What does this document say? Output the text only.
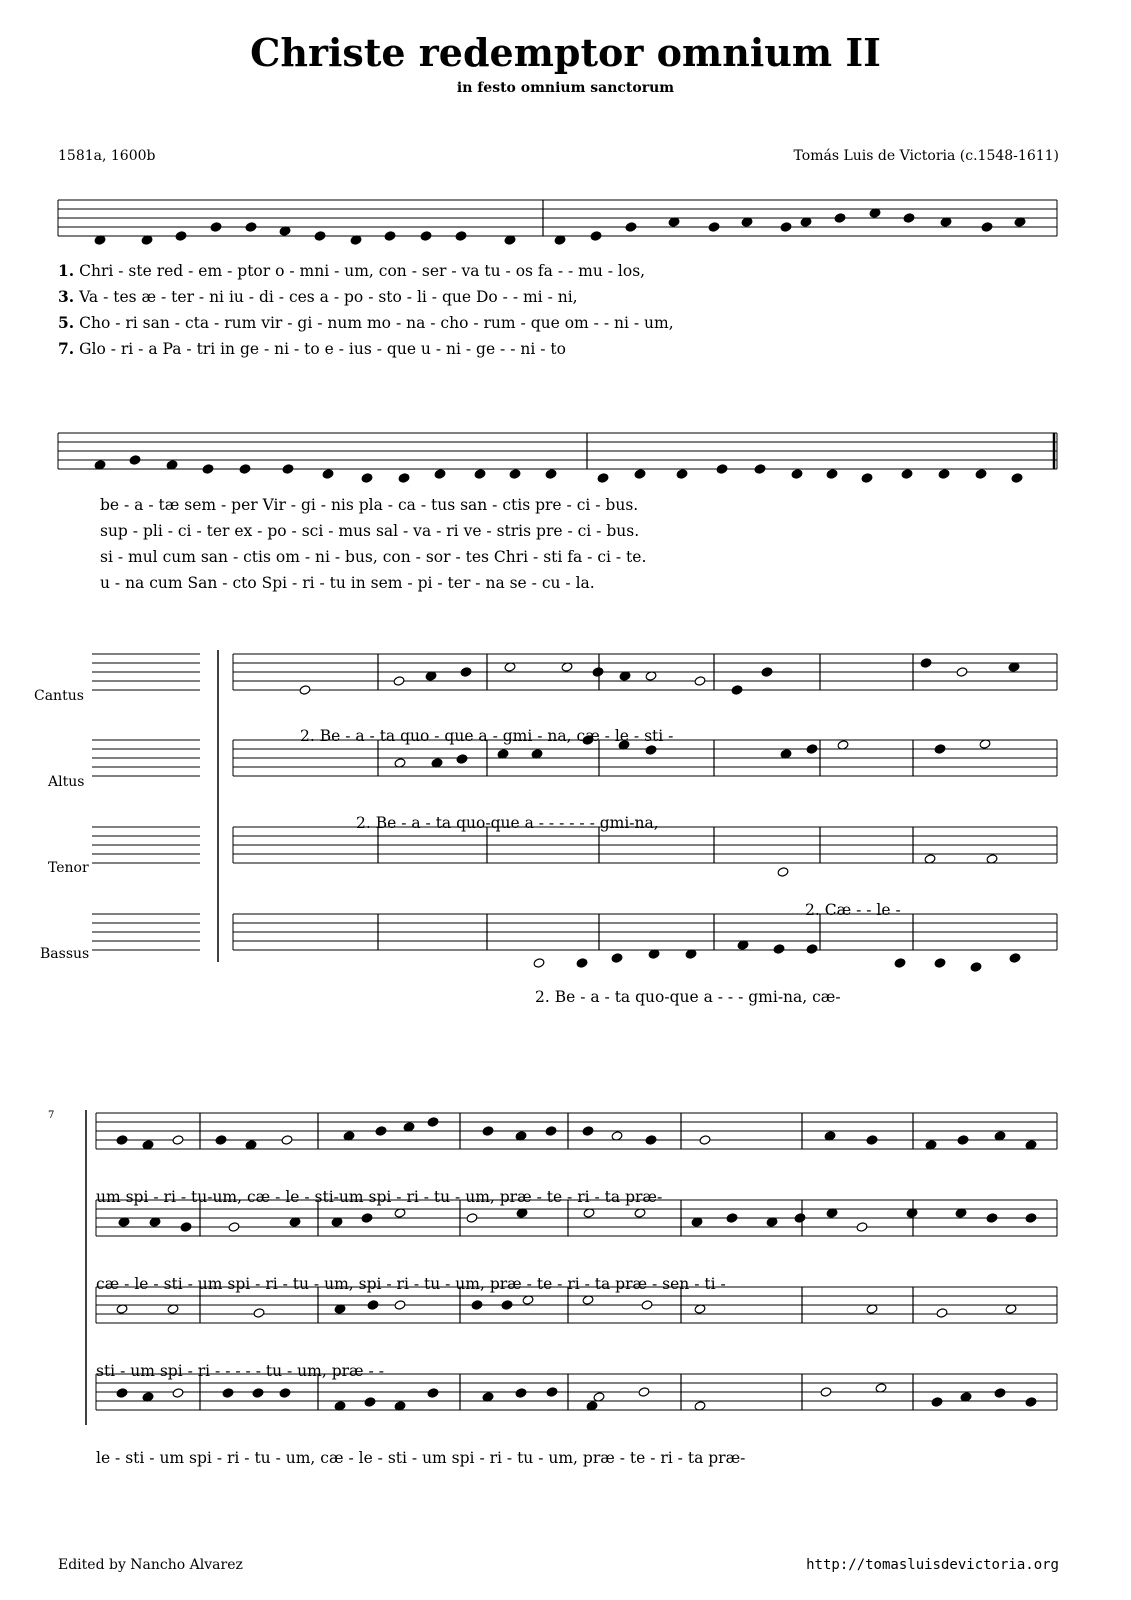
Christe redemptor omnium II
in festo omnium sanctorum
1581a, 1600b	Tomás Luis de Victoria (c.1548-1611)
1. Chri - ste red - em - ptor o - mni - um, con - ser - va tu - os fa - - mu - los,
3. Va - tes æ - ter - ni iu - di - ces a - po - sto - li - que Do - - mi - ni,
5. Cho - ri san - cta - rum vir - gi - num mo - na - cho - rum - que om - - ni - um,
7. Glo - ri - a Pa - tri in ge - ni - to e - ius - que u - ni - ge - - ni - to
be - a - tæ sem - per Vir - gi - nis pla - ca - tus san - ctis pre - ci - bus.
sup - pli - ci - ter ex - po - sci - mus sal - va - ri ve - stris pre - ci - bus.
si - mul cum san - ctis om - ni - bus, con - sor - tes Chri - sti fa - ci - te.
u - na cum San - cto Spi - ri - tu in sem - pi - ter - na se - cu - la.
Cantus
Altus
Tenor
Bassus
2. Be - a - ta quo - que a - gmi - na, cæ - le - sti -
2. Be - a - ta quo-que a - - - - - - gmi-na,
2. Cæ - - le -
2. Be - a - ta quo-que a - - - gmi-na, cæ-
7
um spi - ri - tu-um, cæ - le - sti-um spi - ri - tu - um, præ - te - ri - ta præ-
cæ - le - sti - um spi - ri - tu - um, spi - ri - tu - um, præ - te - ri - ta præ - sen - ti -
sti - um spi - ri - - - - - tu - um, præ - -
le - sti - um spi - ri - tu - um, cæ - le - sti - um spi - ri - tu - um, præ - te - ri - ta præ-
Edited by Nancho Alvarez	http://tomasluisdevictoria.org
